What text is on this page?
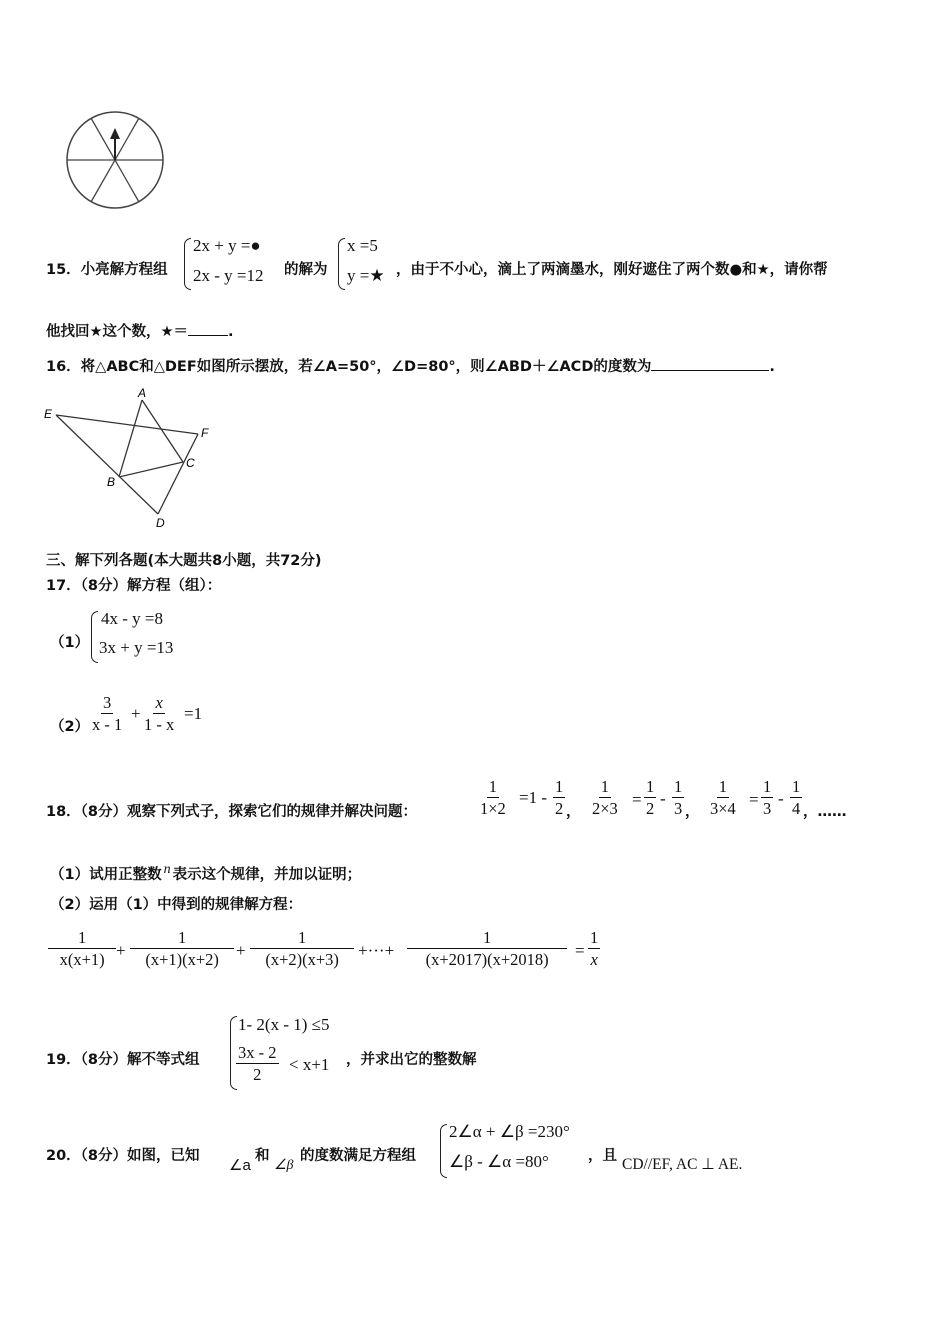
15．小亮解方程组
2x + y =●
2x - y =12 的解为
x =5
y =★ ，由于不小心，滴上了两滴墨水，刚好遮住了两个数●和★，请你帮
他找回★这个数，★＝	.
16．将△ABC和△DEF如图所示摆放，若∠A=50°，∠D=80°，则∠ABD＋∠ACD的度数为	.
A
E
F
C
B
D
三、解下列各题(本大题共8小题，共72分)
17．（8分）解方程（组）：
（1）
4x - y =8
3x + y =13
$(2) \frac{3}{x - 1} + \frac{x}{1 - x} =1$
18．（8分）观察下列式子，探索它们的规律并解决问题：	$\frac{1}{1\times 2} =1 - \frac{1}{2}$ ， $\frac{1}{2\times 3} = \frac{1}{2} - \frac{1}{3}$ ， $\frac{1}{3\times 4} = \frac{1}{3} - \frac{1}{4}$ ，……
（1）试用正整数 n 表示这个规律，并加以证明；
（2）运用（1）中得到的规律解方程：
$\frac{1}{x(x+1)} + \frac{1}{(x+1)(x+2)} + \frac{1}{(x+2)(x+3)}$ +···+ $\frac{1}{(x+2017)(x+2018)} = \frac{1}{x}$
19．（8分）解不等式组
1- 2(x - 1) ≤5
$\frac{3x - 2}{2} < x+1$ ，并求出它的整数解
20．（8分）如图，已知
∠a
和
∠β
的度数满足方程组
2∠α + ∠β =230°
∠β - ∠α =80°	，且 CD//EF, AC ⊥ AE.
